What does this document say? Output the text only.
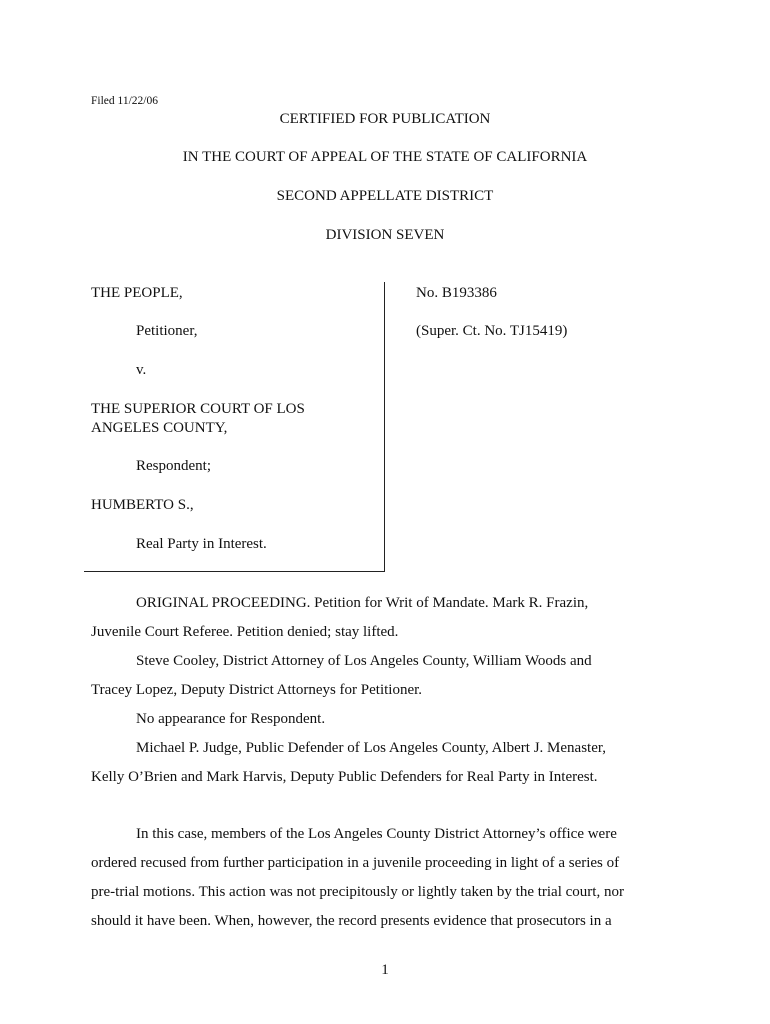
Filed 11/22/06
CERTIFIED FOR PUBLICATION
IN THE COURT OF APPEAL OF THE STATE OF CALIFORNIA
SECOND APPELLATE DISTRICT
DIVISION SEVEN
THE PEOPLE,
Petitioner,
v.
THE SUPERIOR COURT OF LOS
ANGELES COUNTY,
Respondent;
HUMBERTO S.,
Real Party in Interest.
No. B193386
(Super. Ct. No. TJ15419)
ORIGINAL PROCEEDING. Petition for Writ of Mandate. Mark R. Frazin,
Juvenile Court Referee. Petition denied; stay lifted.
Steve Cooley, District Attorney of Los Angeles County, William Woods and
Tracey Lopez, Deputy District Attorneys for Petitioner.
No appearance for Respondent.
Michael P. Judge, Public Defender of Los Angeles County, Albert J. Menaster,
Kelly O’Brien and Mark Harvis, Deputy Public Defenders for Real Party in Interest.
In this case, members of the Los Angeles County District Attorney’s office were
ordered recused from further participation in a juvenile proceeding in light of a series of
pre-trial motions. This action was not precipitously or lightly taken by the trial court, nor
should it have been. When, however, the record presents evidence that prosecutors in a
1
